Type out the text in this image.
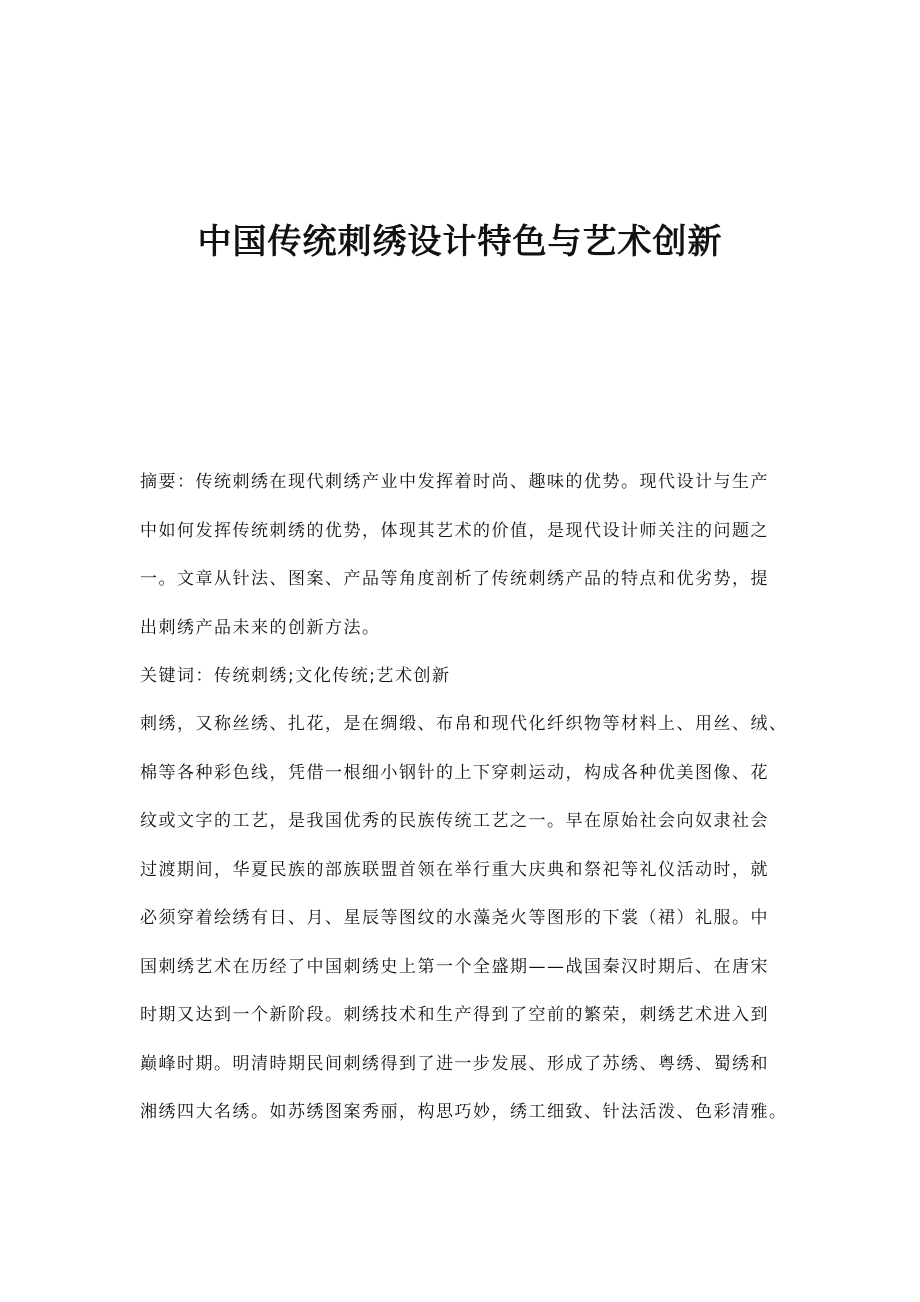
中国传统刺绣设计特色与艺术创新
摘要：传统刺绣在现代刺绣产业中发挥着时尚、趣味的优势。现代设计与生产
中如何发挥传统刺绣的优势，体现其艺术的价值，是现代设计师关注的问题之
一。文章从针法、图案、产品等角度剖析了传统刺绣产品的特点和优劣势，提
出刺绣产品未来的创新方法。
关键词：传统刺绣;文化传统;艺术创新
刺绣，又称丝绣、扎花，是在绸缎、布帛和现代化纤织物等材料上、用丝、绒、
棉等各种彩色线，凭借一根细小钢针的上下穿刺运动，构成各种优美图像、花
纹或文字的工艺，是我国优秀的民族传统工艺之一。早在原始社会向奴隶社会
过渡期间，华夏民族的部族联盟首领在举行重大庆典和祭祀等礼仪活动时，就
必须穿着绘绣有日、月、星辰等图纹的水藻尧火等图形的下裳（裙）礼服。中
国刺绣艺术在历经了中国刺绣史上第一个全盛期——战国秦汉时期后、在唐宋
时期又达到一个新阶段。刺绣技术和生产得到了空前的繁荣，刺绣艺术进入到
巅峰时期。明清時期民间刺绣得到了进一步发展、形成了苏绣、粤绣、蜀绣和
湘绣四大名绣。如苏绣图案秀丽，构思巧妙，绣工细致、针法活泼、色彩清雅。
